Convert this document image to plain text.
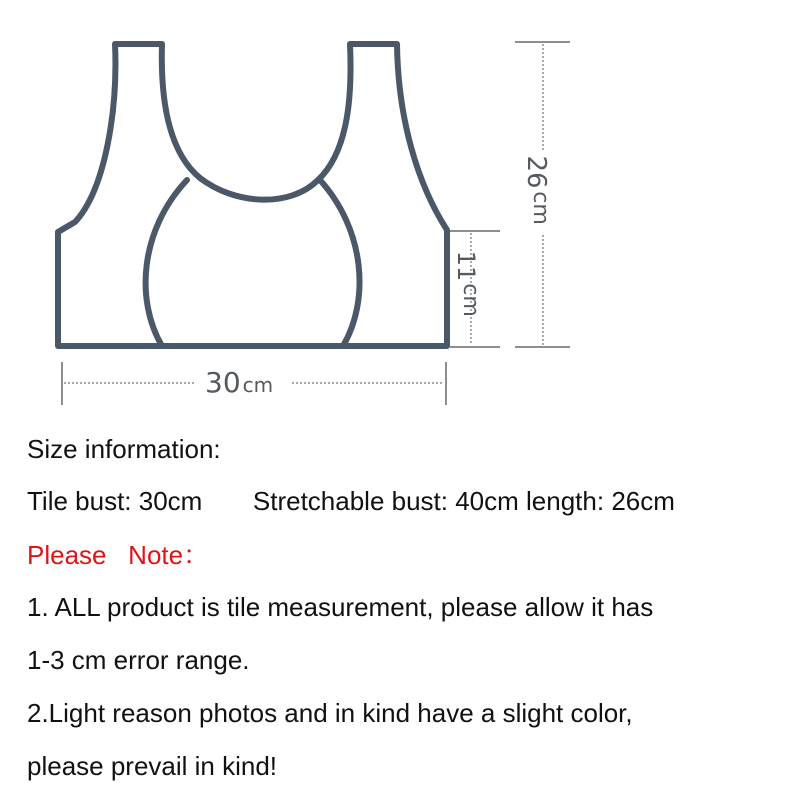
30 cm
26
cm
11
cm

Size information:

Tile bust: 30cm       Stretchable bust: 40cm length: 26cm

Please   Note：

1. ALL product is tile measurement, please allow it has

1-3 cm error range.

2.Light reason photos and in kind have a slight color,

please prevail in kind!
